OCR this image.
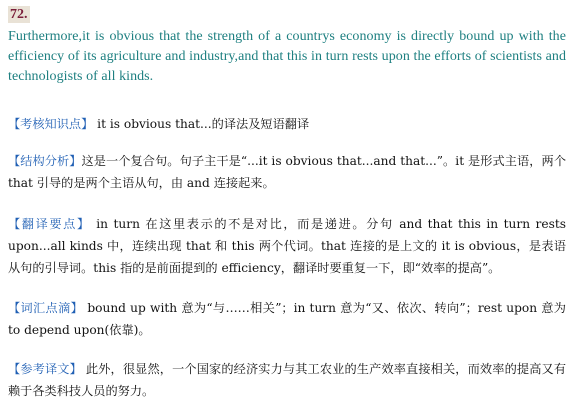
72.
Furthermore,it is obvious that the strength of a countrys economy is directly bound up with the efficiency of its agriculture and industry,and that this in turn rests upon the efforts of scientists and technologists of all kinds.
【考核知识点】 it is obvious that...的译法及短语翻译
【结构分析】这是一个复合句。句子主干是“...it is obvious that...and that...”。it 是形式主语，两个 that 引导的是两个主语从句，由 and 连接起来。
【翻译要点】 in turn 在这里表示的不是对比，而是递进。分句 and that this in turn rests upon...all kinds 中，连续出现 that 和 this 两个代词。that 连接的是上文的 it is obvious，是表语从句的引导词。this 指的是前面提到的 efficiency，翻译时要重复一下，即“效率的提高”。
【词汇点滴】 bound up with 意为“与……相关”；in turn 意为“又、依次、转向”；rest upon 意为 to depend upon(依靠)。
【参考译文】 此外，很显然，一个国家的经济实力与其工农业的生产效率直接相关，而效率的提高又有赖于各类科技人员的努力。
